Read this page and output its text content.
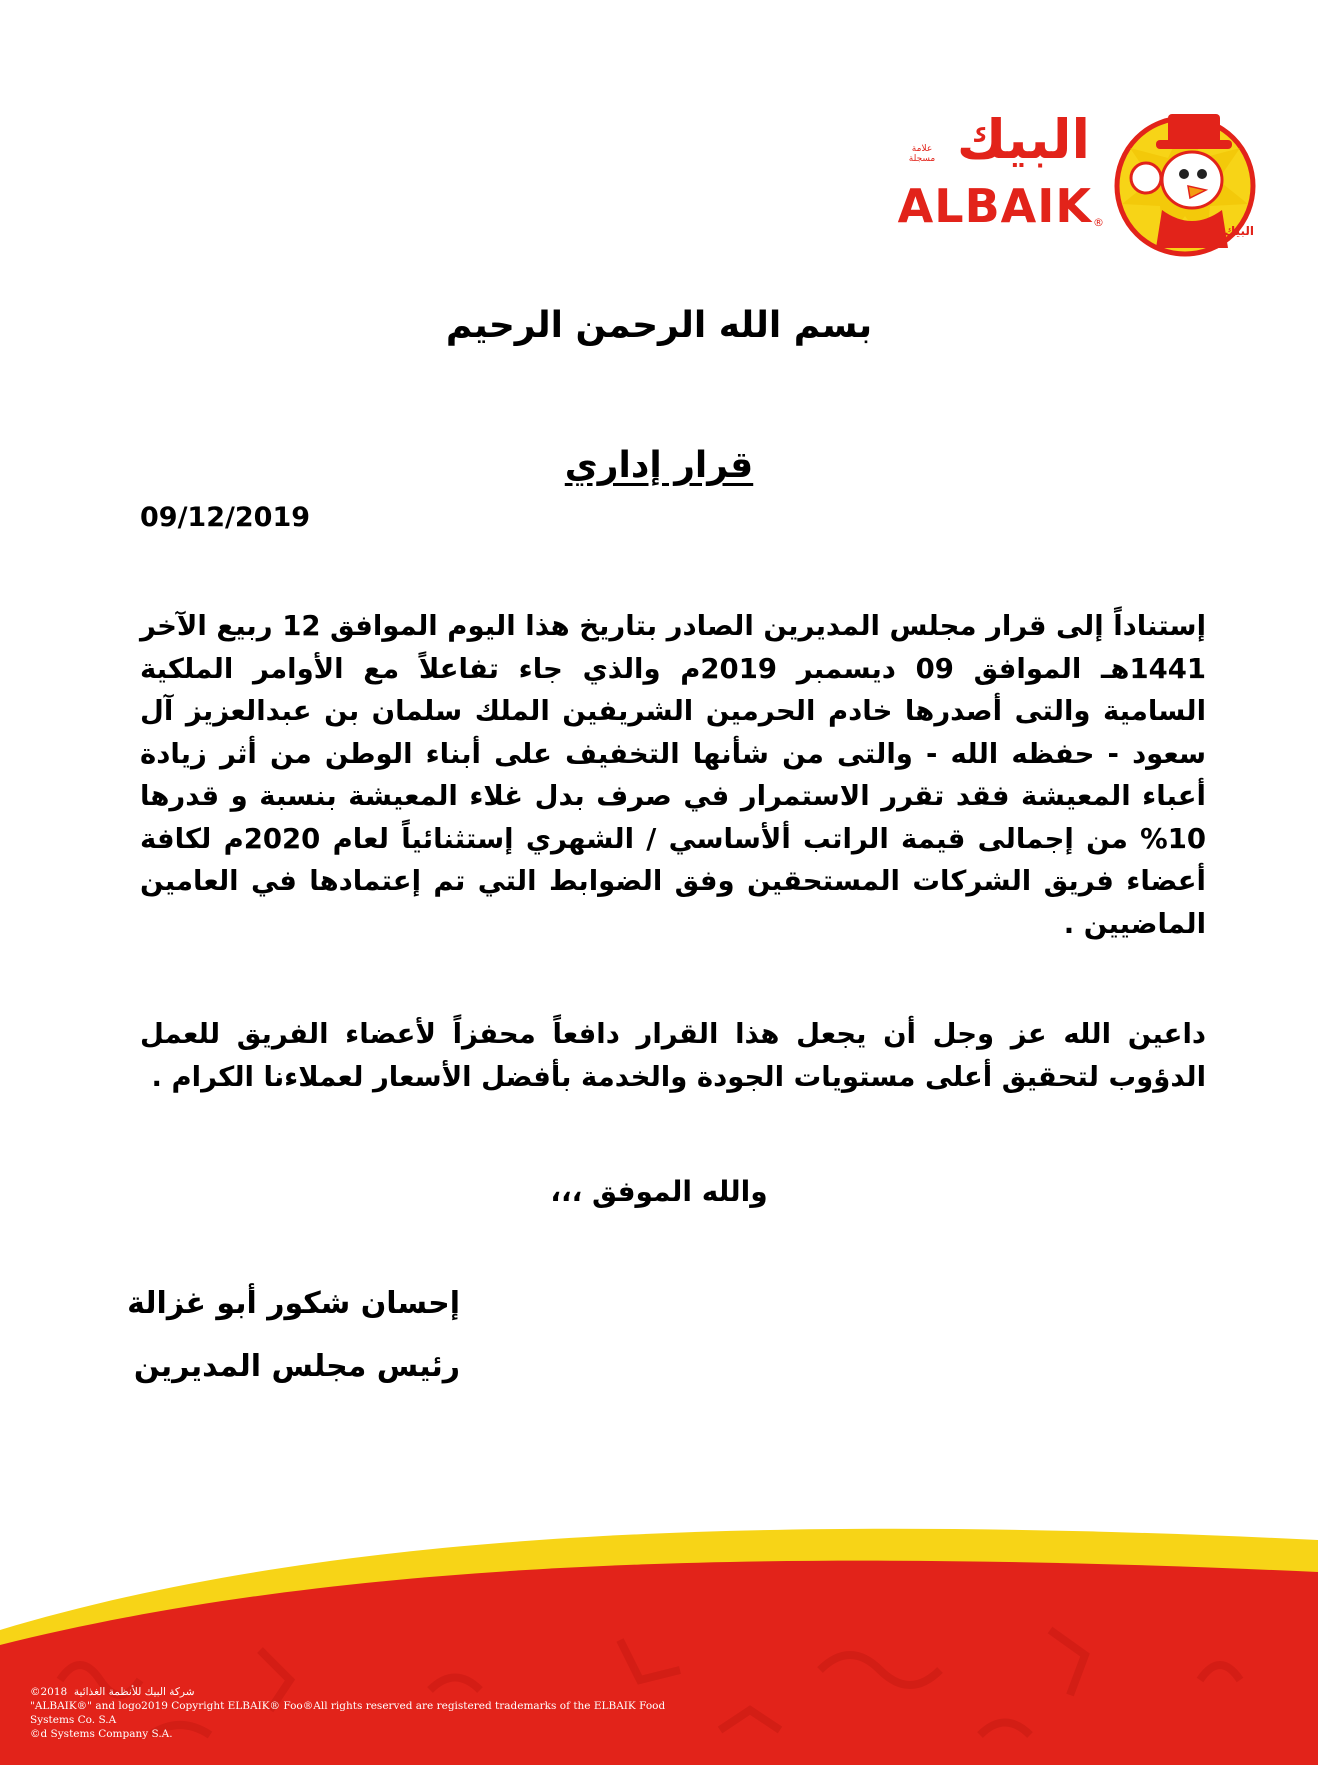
البيك
علامة مسجلة
ALBAIK ®
البيك
بسم الله الرحمن الرحيم
قرار إداري
09/12/2019
إستناداً إلى قرار مجلس المديرين الصادر بتاريخ هذا اليوم الموافق 12 ربيع الآخر 1441هـ الموافق 09 ديسمبر 2019م والذي جاء تفاعلاً مع الأوامر الملكية السامية والتى أصدرها خادم الحرمين الشريفين الملك سلمان بن عبدالعزيز آل سعود - حفظه الله - والتى من شأنها التخفيف على أبناء الوطن من أثر زيادة أعباء المعيشة فقد تقرر الاستمرار في صرف بدل غلاء المعيشة بنسبة و قدرها 10% من إجمالى قيمة الراتب ألأساسي / الشهري إستثنائياً لعام 2020م لكافة أعضاء فريق الشركات المستحقين وفق الضوابط التي تم إعتمادها في العامين الماضيين .
داعين الله عز وجل أن يجعل هذا القرار دافعاً محفزاً لأعضاء الفريق للعمل الدؤوب لتحقيق أعلى مستويات الجودة والخدمة بأفضل الأسعار لعملاءنا الكرام .
والله الموفق ،،،
إحسان شكور أبو غزالة
رئيس مجلس المديرين
©2018 شركة البيك للأنظمة الغذائية
"ALBAIK®" and logo2019 Copyright ELBAIK® Foo®All rights reserved are registered trademarks of the ELBAIK Food
Systems Co. S.A
©d Systems Company S.A.
